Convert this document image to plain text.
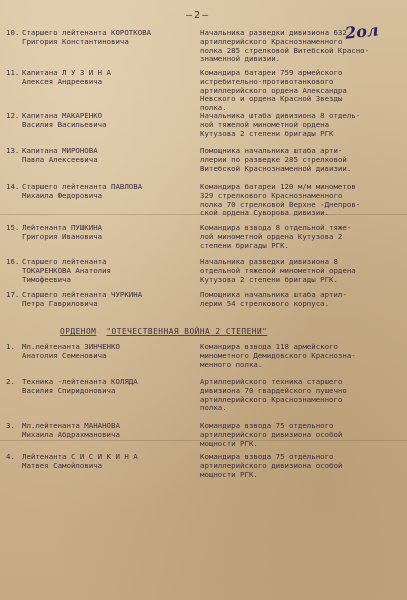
— 2 —
2ол
ОРДЕНОМ "ОТЕЧЕСТВЕННАЯ ВОЙНА 2 СТЕПЕНИ"
10. Старшего лейтенанта КОРОТКОВА
Григория Константиновича
Начальника разведки дивизиона 632
артиллерийского Краснознаменного
полка 285 стрелковой Витебской Красно-
знаменной дивизии.
11. Капитана Л У З И Н А
Алексея Андреевича
Командира батареи 759 армейского
истребительно-противотанкового
артиллерийского ордена Александра
Невского и ордена Красной Звезды
полка.
12. Капитана МАКАРЕНКО
Василия Васильевича
Начальника штаба дивизиона 8 отдель-
ной тяжелой минометной ордена
Кутузова 2 степени бригады РГК
13. Капитана МИРОНОВА
Павла Алексеевича
Помощника начальника штаба арти-
ллерии по разведке 285 стрелковой
Витебской Краснознаменной дивизии.
14. Старшего лейтенанта ПАВЛОВА
Михаила Федоровича
Командира батареи 120 м/м минометов
329 стрелкового Краснознаменного
полка 70 стрелковой Верхне -Днепров-
ской ордена Суворова дивизии.
15. Лейтенанта ПУШКИНА
Григория Ивановича
Командира взвода 8 отдельной тяже-
лой минометной ордена Кутузова 2
степени бригады РГК.
16. Старшего лейтенанта
ТОКАРЕНКОВА Анатолия
Тимофеевича
Начальника разведки дивизиона 8
отдельной тяжелой минометной ордена
Кутузова 2 степени бригады РГК.
17. Старшего лейтенанта ЧУРКИНА
Петра Гавриловича
Помощника начальника штаба артил-
лерии 54 стрелкового корпуса.
1. Мл.лейтенанта ЗИНЧЕНКО
Анатолия Семеновича
Командира взвода 118 армейского
минометного Демидовского Краснозна-
менного полка.
2. Техника -лейтенанта КОЛЯДА
Василия Спиридоновича
Артиллерийского техника старшего
дивизиона 70 гвардейского пушечно
артиллерийского Краснознаменного
полка.
3. Мл.лейтенанта МАНАНОВА
Михаила Абдрахмановича
Командира взвода 75 отдельного
артиллерийского дивизиона особой
мощности РГК.
4. Лейтенанта С И С И К И Н А
Матвея Самойловича
Командира взвода 75 отдельного
артиллерийского дивизиона особой
мощности РГК.
